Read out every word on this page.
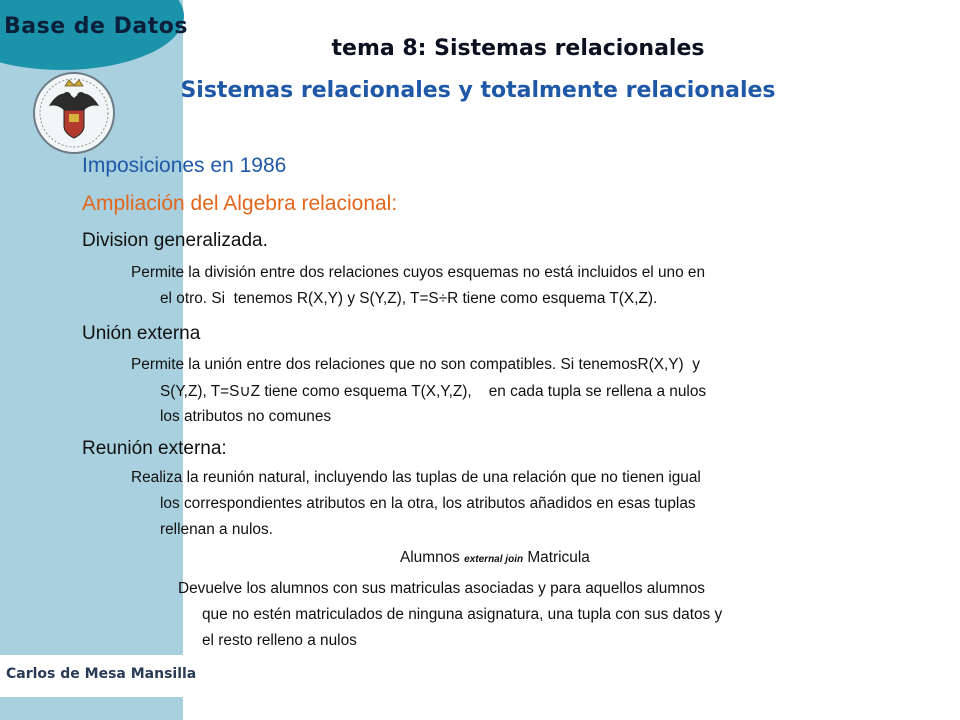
Base de Datos
Carlos de Mesa Mansilla
tema 8: Sistemas relacionales
Sistemas relacionales y totalmente relacionales
Imposiciones en 1986
Ampliación del Algebra relacional:
Division generalizada.
Permite la división entre dos relaciones cuyos esquemas no está incluidos el uno en
el otro. Si  tenemos R(X,Y) y S(Y,Z), T=S÷R tiene como esquema T(X,Z).
Unión externa
Permite la unión entre dos relaciones que no son compatibles. Si tenemosR(X,Y)  y
S(Y,Z), T=S∪Z tiene como esquema T(X,Y,Z),    en cada tupla se rellena a nulos
los atributos no comunes
Reunión externa:
Realiza la reunión natural, incluyendo las tuplas de una relación que no tienen igual
los correspondientes atributos en la otra, los atributos añadidos en esas tuplas
rellenan a nulos.
Alumnos external join Matricula
Devuelve los alumnos con sus matriculas asociadas y para aquellos alumnos
que no estén matriculados de ninguna asignatura, una tupla con sus datos y
el resto relleno a nulos
